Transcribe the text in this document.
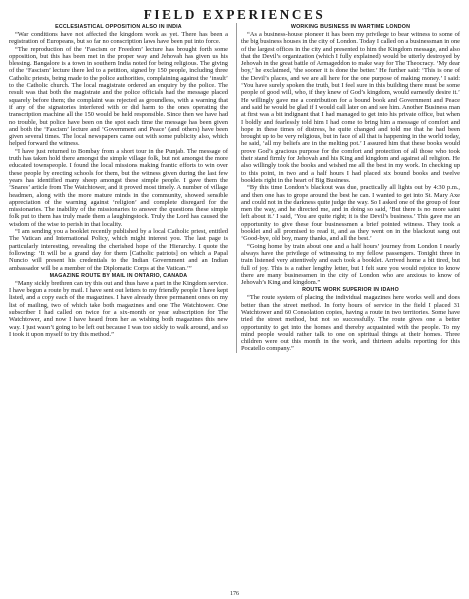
FIELD EXPERIENCES
ECCLESIASTICAL OPPOSITION ALSO IN INDIA

“War conditions have not affected the kingdom work as yet. There has been a registration of Europeans, but so far no conscription laws have been put into force.

“The reproduction of the ‘Fascism or Freedom’ lecture has brought forth some opposition, but this has been met in the proper way and Jehovah has given us his blessing. Bangalore is a town in southern India noted for being religious. The giving of the ‘Fascism’ lecture there led to a petition, signed by 150 people, including three Catholic priests, being made to the police authorities, complaining against the ‘insult’ to the Catholic church. The local magistrate ordered an enquiry by the police. The result was that both the magistrate and the police officials had the message placed squarely before them; the complaint was rejected as groundless, with a warning that if any of the signatories interfered with or did harm to the ones operating the transcription machine all the 150 would be held responsible. Since then we have had no trouble, but police have been on the spot each time the message has been given and both the ‘Fascism’ lecture and ‘Government and Peace’ (and others) have been given several times. The local newspapers came out with some publicity also, which helped forward the witness.

“I have just returned to Bombay from a short tour in the Punjab. The message of truth has taken hold there amongst the simple village folk, but not amongst the more educated townspeople. I found the local missions making frantic efforts to win over these people by erecting schools for them, but the witness given during the last few years has identified many sheep amongst these simple people. I gave them the ‘Snares’ article from The Watchtower, and it proved most timely. A number of village headmen, along with the more mature minds in the community, showed sensible appreciation of the warning against ‘religion’ and complete disregard for the missionaries. The inability of the missionaries to answer the questions these simple folk put to them has truly made them a laughingstock. Truly the Lord has caused the wisdom of the wise to perish in that locality.

“I am sending you a booklet recently published by a local Catholic priest, entitled The Vatican and International Policy, which might interest you. The last page is particularly interesting, revealing the cherished hope of the Hierarchy. I quote the following: ‘It will be a grand day for them [Catholic patriots] on which a Papal Nuncio will present his credentials to the Indian Government and an Indian ambassador will be a member of the Diplomatic Corps at the Vatican.’”

MAGAZINE ROUTE BY MAIL IN ONTARIO, CANADA

“Many sickly brethren can try this out and thus have a part in the Kingdom service. I have begun a route by mail. I have sent out letters to my friendly people I have kept listed, and a copy each of the magazines. I have already three permanent ones on my list of mailing, two of which take both magazines and one The Watchtower. One subscriber I had called on twice for a six-month or year subscription for The Watchtower, and now I have heard from her as wishing both magazines this new way. I just wasn’t going to be left out because I was too sickly to walk around, and so I took it upon myself to try this method.”

WORKING BUSINESS IN WARTIME LONDON

“As a business-house pioneer it has been my privilege to bear witness to some of the big business houses in the city of London. Today I called on a businessman in one of the largest offices in the city and presented to him the Kingdom message, and also that the Devil’s organization (which I fully explained) would be utterly destroyed by Jehovah in the great battle of Armageddon to make way for The Theocracy. ‘My dear boy,’ he exclaimed, ‘the sooner it is done the better.’ He further said: ‘This is one of the Devil’s places, and we are all here for the one purpose of making money.’ I said: ‘You have surely spoken the truth, but I feel sure in this building there must be some people of good will, who, if they knew of God’s kingdom, would earnestly desire it.’ He willingly gave me a contribution for a bound book and Government and Peace and said he would be glad if I would call later on and see him. Another Business man at first was a bit indignant that I had managed to get into his private office, but when I boldly and fearlessly told him I had come to bring him a message of comfort and hope in these times of distress, he quite changed and told me that he had been brought up to be very religious, but in face of all that is happening in the world today, he said, ‘all my beliefs are in the melting pot.’ I assured him that these books would prove God’s gracious purpose for the comfort and protection of all those who took their stand firmly for Jehovah and his King and kingdom and against all religion. He also willingly took the books and wished me all the best in my work. In checking up to this point, in two and a half hours I had placed six bound books and twelve booklets right in the heart of Big Business.

“By this time London’s blackout was due, practically all lights out by 4:30 p.m., and then one has to grope around the best he can. I wanted to get into St. Mary Axe and could not in the darkness quite judge the way. So I asked one of the group of four men the way, and he directed me, and in doing so said, ‘But there is no more saint left about it.’ I said, ‘You are quite right; it is the Devil’s business.’ This gave me an opportunity to give these four businessmen a brief pointed witness. They took a booklet and all promised to read it, and as they went on in the blackout sang out ‘Good-bye, old boy, many thanks, and all the best.’

“Going home by train about one and a half hours’ journey from London I nearly always have the privilege of witnessing to my fellow passengers. Tonight three in train listened very attentively and each took a booklet. Arrived home a bit tired, but full of joy. This is a rather lengthy letter, but I felt sure you would rejoice to know there are many businessmen in the city of London who are anxious to know of Jehovah’s King and kingdom.”

ROUTE WORK SUPERIOR IN IDAHO

“The route system of placing the individual magazines here works well and does better than the street method. In forty hours of service in the field I placed 31 Watchtower and 60 Consolation copies, having a route in two territories. Some have tried the street method, but not so successfully. The route gives one a better opportunity to get into the homes and thereby acquainted with the people. To my mind people would rather talk to one on spiritual things at their homes. Three children were out this month in the work, and thirteen adults reporting for this Pocatello company.”

176
